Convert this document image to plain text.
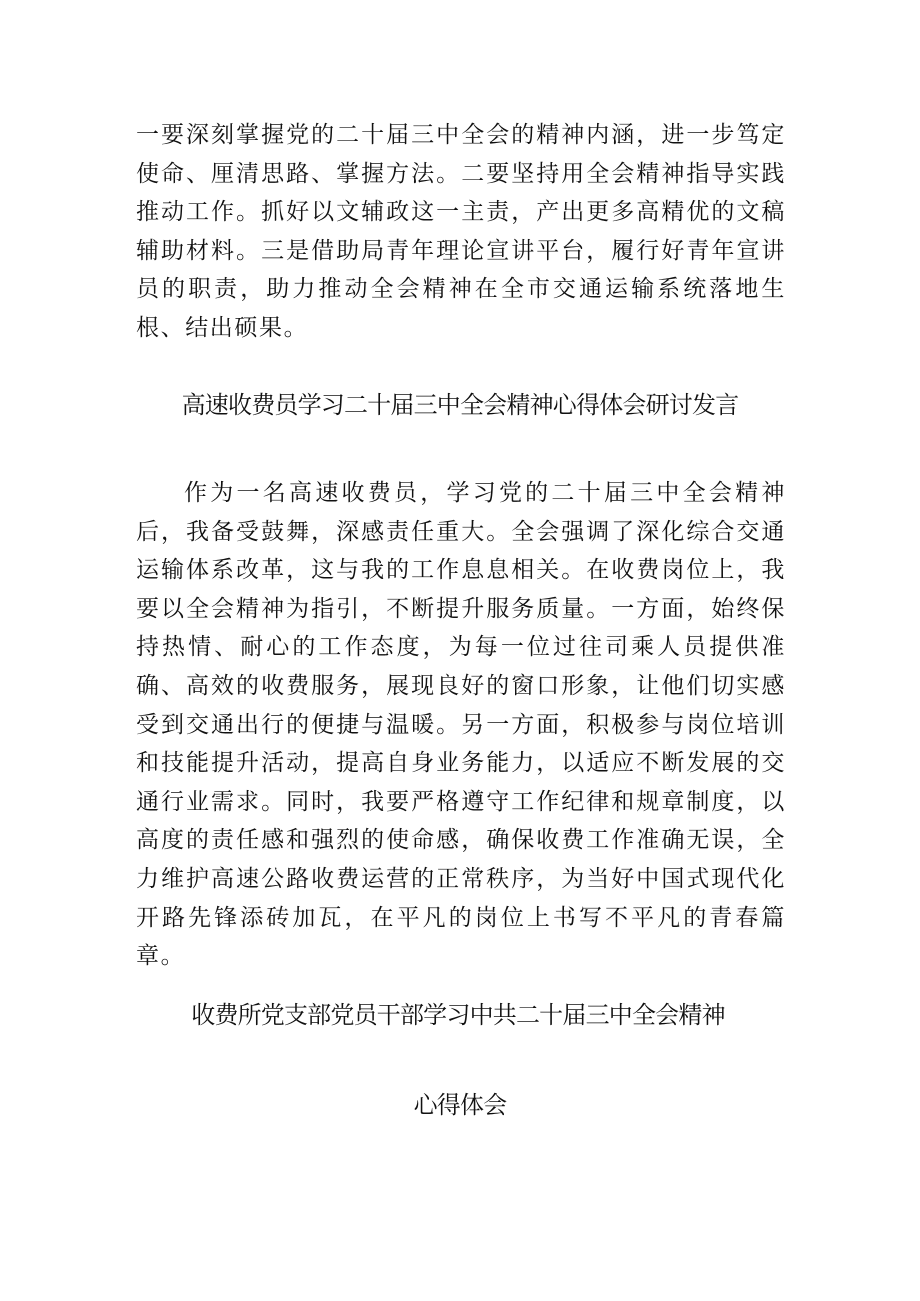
一要深刻掌握党的二十届三中全会的精神内涵，进一步笃定使命、厘清思路、掌握方法。二要坚持用全会精神指导实践推动工作。抓好以文辅政这一主责，产出更多高精优的文稿辅助材料。三是借助局青年理论宣讲平台，履行好青年宣讲员的职责，助力推动全会精神在全市交通运输系统落地生根、结出硕果。

高速收费员学习二十届三中全会精神心得体会研讨发言

作为一名高速收费员，学习党的二十届三中全会精神后，我备受鼓舞，深感责任重大。全会强调了深化综合交通运输体系改革，这与我的工作息息相关。在收费岗位上，我要以全会精神为指引，不断提升服务质量。一方面，始终保持热情、耐心的工作态度，为每一位过往司乘人员提供准确、高效的收费服务，展现良好的窗口形象，让他们切实感受到交通出行的便捷与温暖。另一方面，积极参与岗位培训和技能提升活动，提高自身业务能力，以适应不断发展的交通行业需求。同时，我要严格遵守工作纪律和规章制度，以高度的责任感和强烈的使命感，确保收费工作准确无误，全力维护高速公路收费运营的正常秩序，为当好中国式现代化开路先锋添砖加瓦，在平凡的岗位上书写不平凡的青春篇章。

收费所党支部党员干部学习中共二十届三中全会精神
心得体会
